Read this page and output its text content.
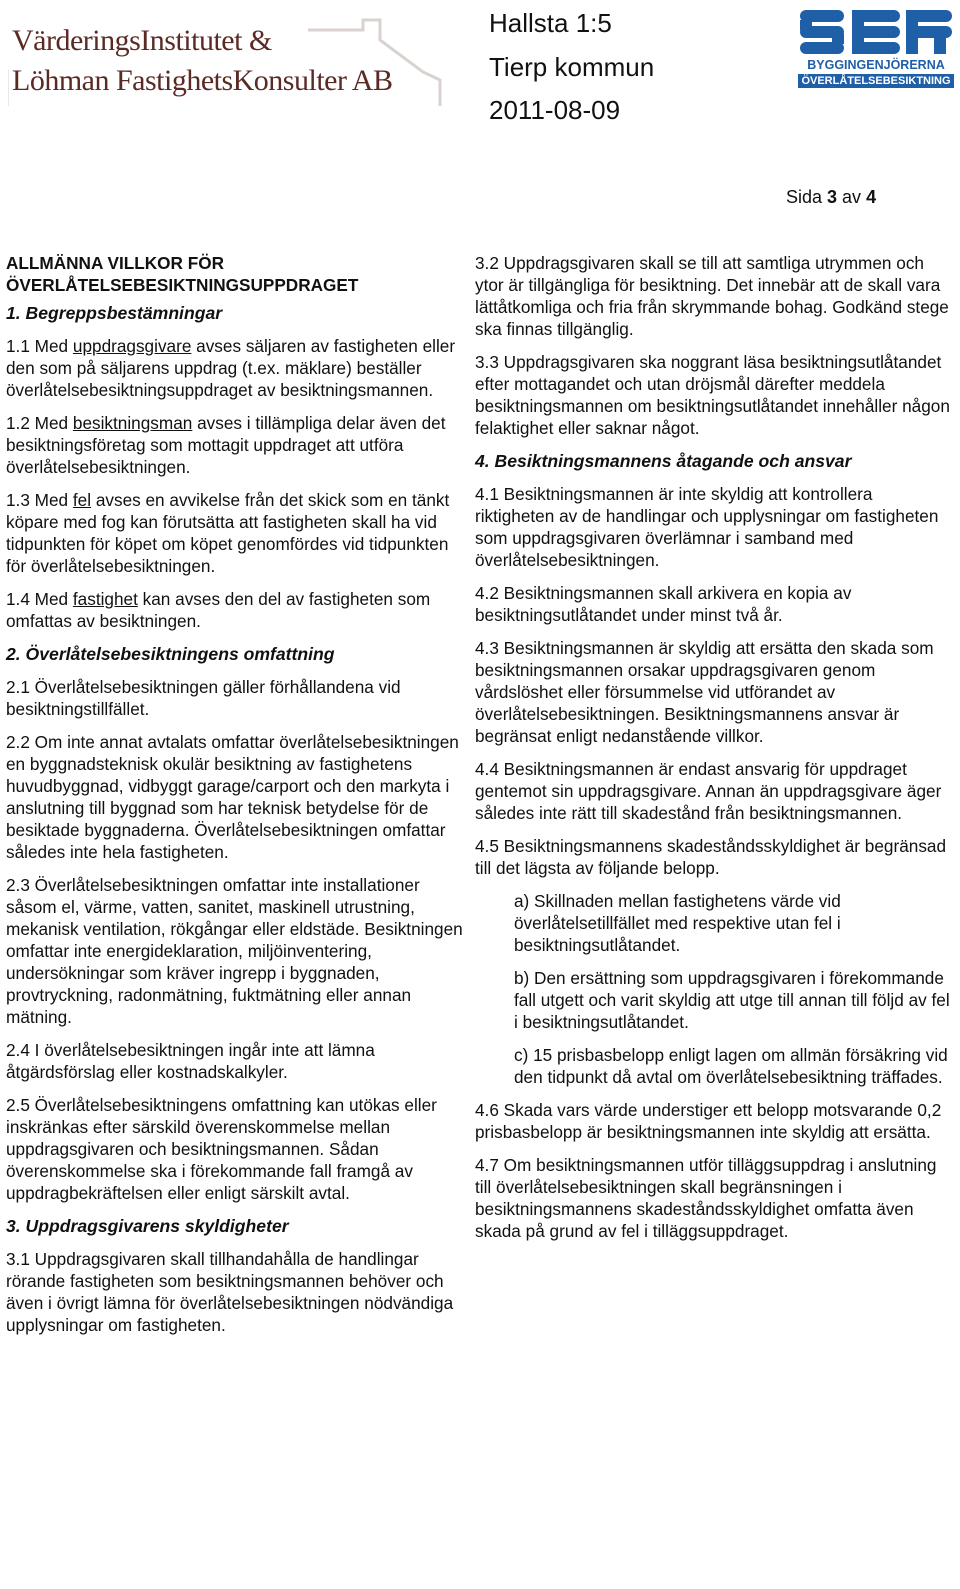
VärderingsInstitutet &
Löhman FastighetsKonsulter AB
Hallsta 1:5
Tierp kommun
2011-08-09
BYGGINGENJÖRERNA
ÖVERLÅTELSEBESIKTNING
Sida 3 av 4
ALLMÄNNA VILLKOR FÖR
ÖVERLÅTELSEBESIKTNINGSUPPDRAGET
1. Begreppsbestämningar

1.1 Med uppdragsgivare avses säljaren av fastigheten eller den som på säljarens uppdrag (t.ex. mäklare) beställer överlåtelsebesiktningsuppdraget av besiktningsmannen.

1.2 Med besiktningsman avses i tillämpliga delar även det besiktningsföretag som mottagit uppdraget att utföra överlåtelsebesiktningen.

1.3 Med fel avses en avvikelse från det skick som en tänkt köpare med fog kan förutsätta att fastigheten skall ha vid tidpunkten för köpet om köpet genomfördes vid tidpunkten för överlåtelsebesiktningen.

1.4 Med fastighet kan avses den del av fastigheten som omfattas av besiktningen.

2. Överlåtelsebesiktningens omfattning

2.1 Överlåtelsebesiktningen gäller förhållandena vid besiktningstillfället.

2.2 Om inte annat avtalats omfattar överlåtelsebesiktningen en byggnadsteknisk okulär besiktning av fastighetens huvudbyggnad, vidbyggt garage/carport och den markyta i anslutning till byggnad som har teknisk betydelse för de besiktade byggnaderna. Överlåtelsebesiktningen omfattar således inte hela fastigheten.

2.3 Överlåtelsebesiktningen omfattar inte installationer såsom el, värme, vatten, sanitet, maskinell utrustning, mekanisk ventilation, rökgångar eller eldstäde. Besiktningen omfattar inte energideklaration, miljöinventering, undersökningar som kräver ingrepp i byggnaden, provtryckning, radonmätning, fuktmätning eller annan mätning.

2.4 I överlåtelsebesiktningen ingår inte att lämna åtgärdsförslag eller kostnadskalkyler.

2.5 Överlåtelsebesiktningens omfattning kan utökas eller inskränkas efter särskild överenskommelse mellan uppdragsgivaren och besiktningsmannen. Sådan överenskommelse ska i förekommande fall framgå av uppdragbekräftelsen eller enligt särskilt avtal.

3. Uppdragsgivarens skyldigheter

3.1 Uppdragsgivaren skall tillhandahålla de handlingar rörande fastigheten som besiktningsmannen behöver och även i övrigt lämna för överlåtelsebesiktningen nödvändiga upplysningar om fastigheten.

3.2 Uppdragsgivaren skall se till att samtliga utrymmen och ytor är tillgängliga för besiktning. Det innebär att de skall vara lättåtkomliga och fria från skrymmande bohag. Godkänd stege ska finnas tillgänglig.

3.3 Uppdragsgivaren ska noggrant läsa besiktningsutlåtandet efter mottagandet och utan dröjsmål därefter meddela besiktningsmannen om besiktningsutlåtandet innehåller någon felaktighet eller saknar något.

4. Besiktningsmannens åtagande och ansvar

4.1 Besiktningsmannen är inte skyldig att kontrollera riktigheten av de handlingar och upplysningar om fastigheten som uppdragsgivaren överlämnar i samband med överlåtelsebesiktningen.

4.2 Besiktningsmannen skall arkivera en kopia av besiktningsutlåtandet under minst två år.

4.3 Besiktningsmannen är skyldig att ersätta den skada som besiktningsmannen orsakar uppdragsgivaren genom vårdslöshet eller försummelse vid utförandet av överlåtelsebesiktningen. Besiktningsmannens ansvar är begränsat enligt nedanstående villkor.

4.4 Besiktningsmannen är endast ansvarig för uppdraget gentemot sin uppdragsgivare. Annan än uppdragsgivare äger således inte rätt till skadestånd från besiktningsmannen.

4.5 Besiktningsmannens skadeståndsskyldighet är begränsad till det lägsta av följande belopp.

a) Skillnaden mellan fastighetens värde vid överlåtelsetillfället med respektive utan fel i besiktningsutlåtandet.

b) Den ersättning som uppdragsgivaren i förekommande fall utgett och varit skyldig att utge till annan till följd av fel i besiktningsutlåtandet.

c) 15 prisbasbelopp enligt lagen om allmän försäkring vid den tidpunkt då avtal om överlåtelsebesiktning träffades.

4.6 Skada vars värde understiger ett belopp motsvarande 0,2 prisbasbelopp är besiktningsmannen inte skyldig att ersätta.

4.7 Om besiktningsmannen utför tilläggsuppdrag i anslutning till överlåtelsebesiktningen skall begränsningen i besiktningsmannens skadeståndsskyldighet omfatta även skada på grund av fel i tilläggsuppdraget.
